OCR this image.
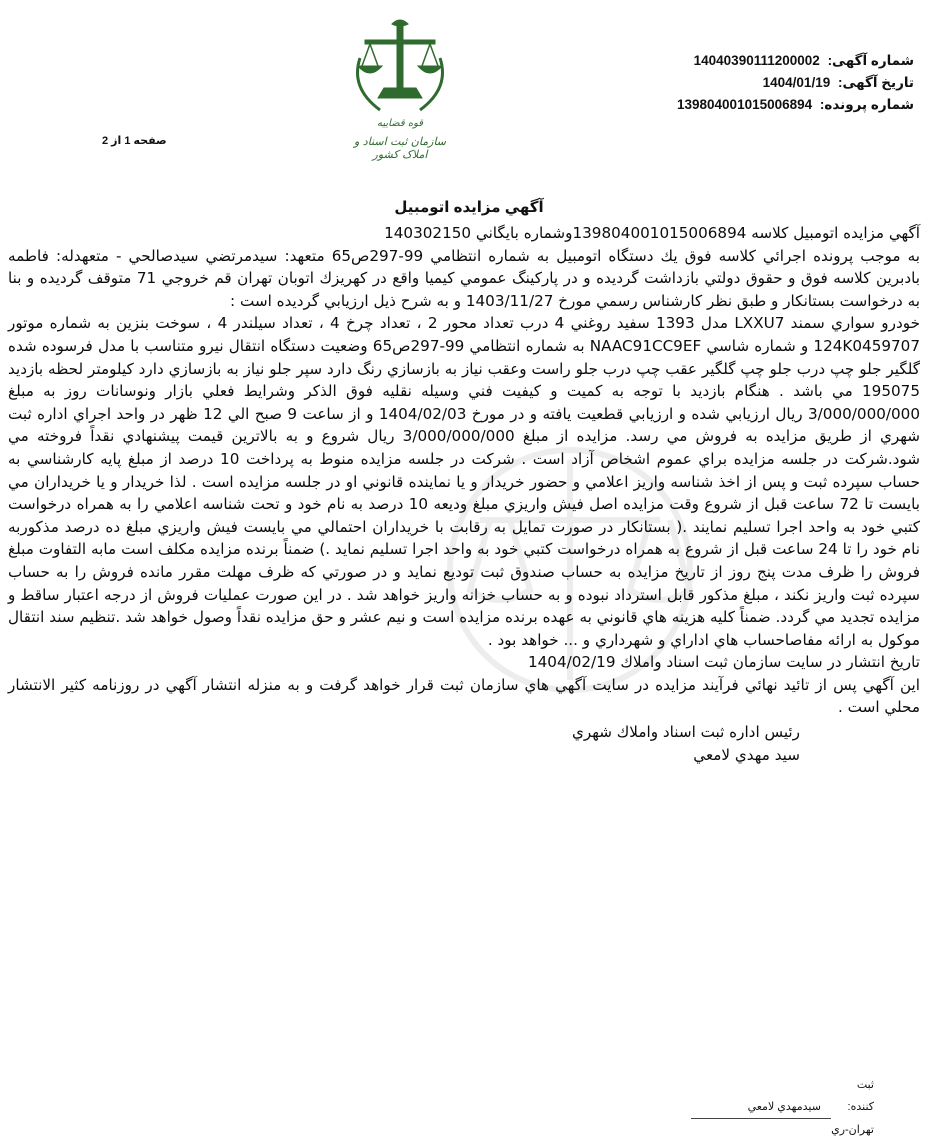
قوه قضاییه
سازمان ثبت اسناد و املاک کشور
شماره آگهی: 14040390111200002
تاریخ آگهی: 1404/01/19
شماره پرونده: 139804001015006894
صفحه 1 از 2
آگهي مزايده اتومبيل

آگهي مزايده اتومبيل كلاسه 139804001015006894وشماره بايگاني 140302150

به موجب پرونده اجرائي كلاسه فوق يك دستگاه اتومبيل به شماره انتظامي 99-297ص65 متعهد: سیدمرتضي سيدصالحي - متعهدله: فاطمه بادبرين كلاسه فوق و حقوق دولتي بازداشت گرديده و در پاركينگ عمومي كيميا واقع در كهريزك اتوبان تهران قم خروجي 71 متوقف گرديده و بنا به درخواست بستانكار و طبق نظر كارشناس رسمي مورخ 1403/11/27 و به شرح ذيل ارزيابي گرديده است :

خودرو سواري سمند LXXU7 مدل 1393 سفيد روغني 4 درب تعداد محور 2 ، تعداد چرخ 4 ، تعداد سيلندر 4 ، سوخت بنزين به شماره موتور 124K0459707 و شماره شاسي NAAC91CC9EF به شماره انتظامي 99-297ص65 وضعيت دستگاه انتقال نيرو متناسب با مدل فرسوده شده گلگير جلو چپ درب جلو چپ گلگير عقب چپ درب جلو راست وعقب نياز به بازسازي رنگ دارد سپر جلو نياز به بازسازي دارد كيلومتر لحظه بازديد 195075 مي باشد . هنگام بازديد با توجه به كميت و كيفيت فني وسيله نقليه فوق الذكر وشرايط فعلي بازار ونوسانات روز به مبلغ 3/000/000/000 ريال ارزيابي شده و ارزيابي قطعيت يافته و در مورخ 1404/02/03 و از ساعت 9 صبح الي 12 ظهر در واحد اجراي اداره ثبت شهري از طريق مزايده به فروش مي رسد. مزايده از مبلغ 3/000/000/000 ريال شروع و به بالاترين قيمت پيشنهادي نقداً فروخته مي شود.شركت در جلسه مزايده براي عموم اشخاص آزاد است . شركت در جلسه مزايده منوط به پرداخت 10 درصد از مبلغ پايه كارشناسي به حساب سپرده ثبت و پس از اخذ شناسه واريز اعلامي و حضور خريدار و يا نماينده قانوني او در جلسه مزايده است . لذا خريدار و يا خريداران مي بايست تا 72 ساعت قبل از شروع وقت مزايده اصل فيش واريزي مبلغ وديعه 10 درصد به نام خود و تحت شناسه اعلامي را به همراه درخواست كتبي خود به واحد اجرا تسليم نمايند .( بستانكار در صورت تمايل به رقابت با خريداران احتمالي مي بايست فيش واريزي مبلغ ده درصد مذكوربه نام خود را تا 24 ساعت قبل از شروع به همراه درخواست كتبي خود به واحد اجرا تسليم نمايد .) ضمناً برنده مزايده مكلف است مابه التفاوت مبلغ فروش را ظرف مدت پنج روز از تاريخ مزايده به حساب صندوق ثبت توديع نمايد و در صورتي كه ظرف مهلت مقرر مانده فروش را به حساب سپرده ثبت واريز نكند ، مبلغ مذكور قابل استرداد نبوده و به حساب خزانه واريز خواهد شد . در اين صورت عمليات فروش از درجه اعتبار ساقط و مزايده تجديد مي گردد. ضمناً كليه هزينه هاي قانوني به عهده برنده مزايده است و نيم عشر و حق مزايده نقداً وصول خواهد شد .تنظيم سند انتقال موكول به ارائه مفاصاحساب هاي اداراي و شهرداري و ... خواهد بود .

تاريخ انتشار در سايت سازمان ثبت اسناد واملاك 1404/02/19

اين آگهي پس از تائيد نهائي فرآيند مزايده در سايت آگهي هاي سازمان ثبت قرار خواهد گرفت و به منزله انتشار آگهي در روزنامه كثير الانتشار محلي است .

رئيس اداره ثبت اسناد واملاك شهري
سيد مهدي لامعي
ثبت كننده: سيدمهدي لامعي
تهران-ري
